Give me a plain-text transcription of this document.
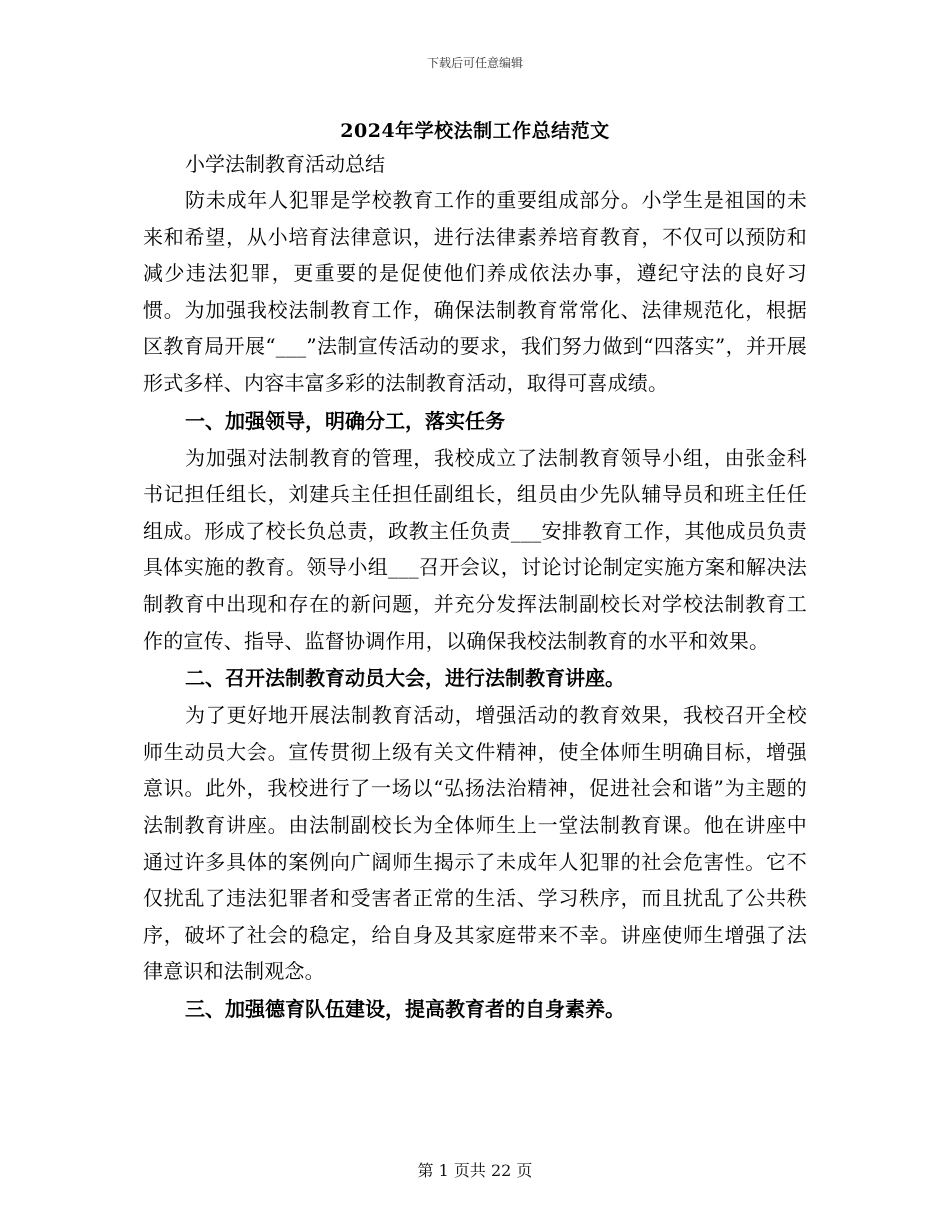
下载后可任意编辑
2024年学校法制工作总结范文

小学法制教育活动总结

防未成年人犯罪是学校教育工作的重要组成部分。小学生是祖国的未来和希望，从小培育法律意识，进行法律素养培育教育，不仅可以预防和减少违法犯罪，更重要的是促使他们养成依法办事，遵纪守法的良好习惯。为加强我校法制教育工作，确保法制教育常常化、法律规范化，根据区教育局开展“___”法制宣传活动的要求，我们努力做到“四落实”，并开展形式多样、内容丰富多彩的法制教育活动，取得可喜成绩。

一、加强领导，明确分工，落实任务

为加强对法制教育的管理，我校成立了法制教育领导小组，由张金科书记担任组长，刘建兵主任担任副组长，组员由少先队辅导员和班主任任组成。形成了校长负总责，政教主任负责___安排教育工作，其他成员负责具体实施的教育。领导小组___召开会议，讨论讨论制定实施方案和解决法制教育中出现和存在的新问题，并充分发挥法制副校长对学校法制教育工作的宣传、指导、监督协调作用，以确保我校法制教育的水平和效果。

二、召开法制教育动员大会，进行法制教育讲座。

为了更好地开展法制教育活动，增强活动的教育效果，我校召开全校师生动员大会。宣传贯彻上级有关文件精神，使全体师生明确目标，增强意识。此外，我校进行了一场以“弘扬法治精神，促进社会和谐”为主题的法制教育讲座。由法制副校长为全体师生上一堂法制教育课。他在讲座中通过许多具体的案例向广阔师生揭示了未成年人犯罪的社会危害性。它不仅扰乱了违法犯罪者和受害者正常的生活、学习秩序，而且扰乱了公共秩序，破坏了社会的稳定，给自身及其家庭带来不幸。讲座使师生增强了法律意识和法制观念。

三、加强德育队伍建设，提高教育者的自身素养。

第 1 页共 22 页
